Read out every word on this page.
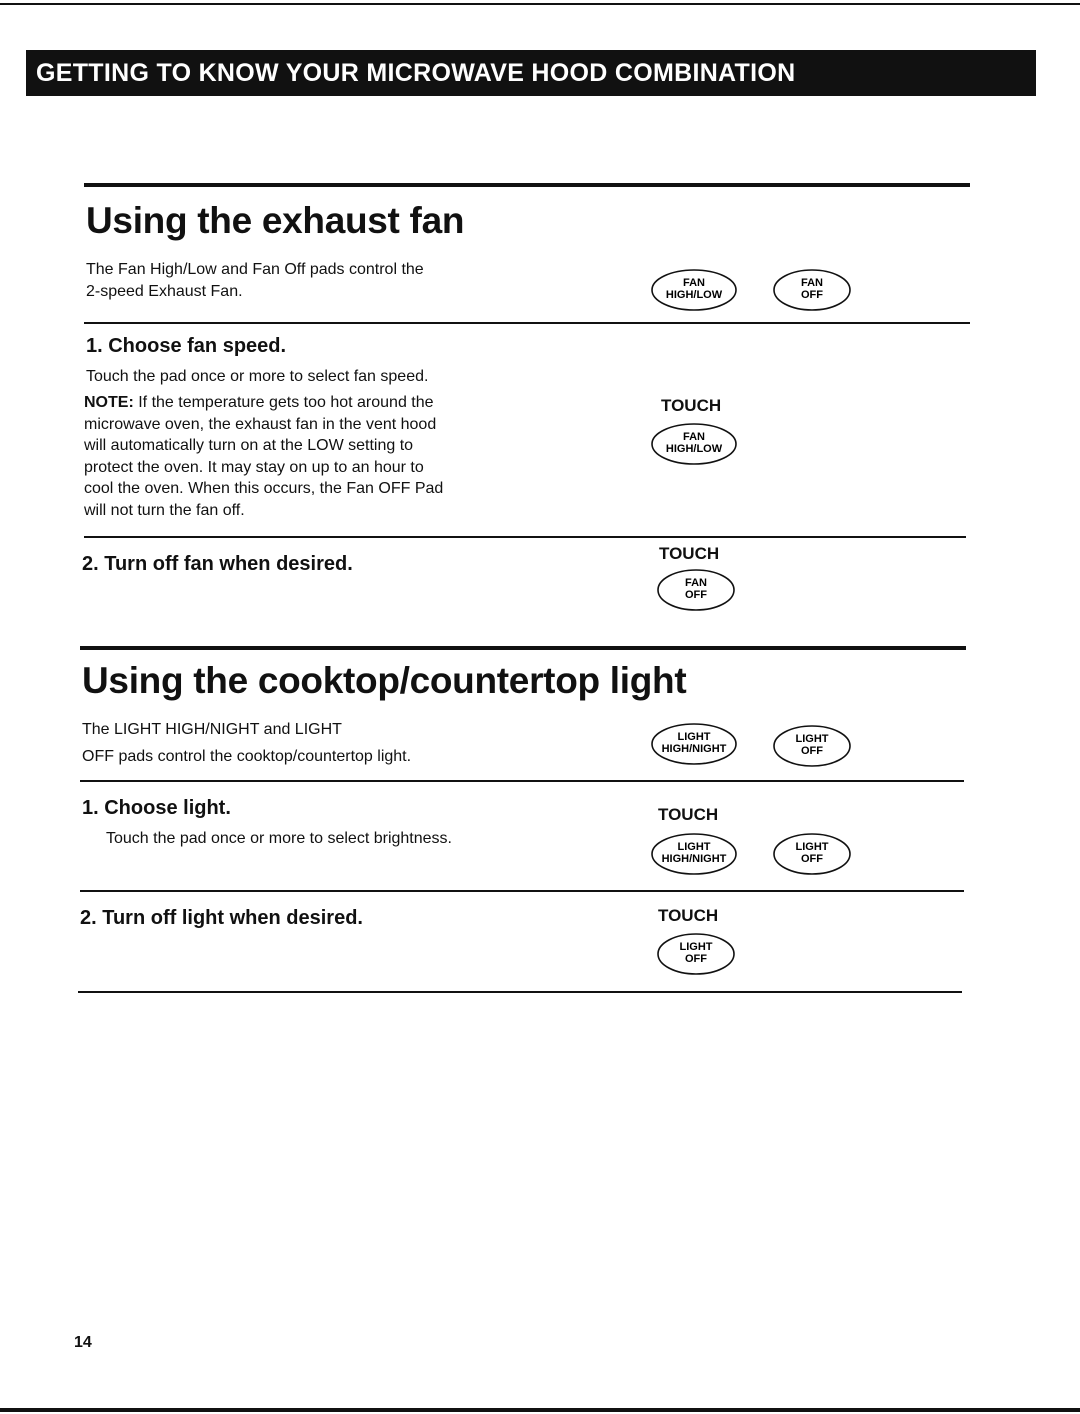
GETTING TO KNOW YOUR MICROWAVE HOOD COMBINATION
Using the exhaust fan
The Fan High/Low and Fan Off pads control the
2-speed Exhaust Fan.	FAN
HIGH/LOW
FAN
OFF
1. Choose fan speed.
Touch the pad once or more to select fan speed.
NOTE: If the temperature gets too hot around the
microwave oven, the exhaust fan in the vent hood
will automatically turn on at the LOW setting to
protect the oven. It may stay on up to an hour to
cool the oven. When this occurs, the Fan OFF Pad
will not turn the fan off.
TOUCH
FAN
HIGH/LOW
2. Turn off fan when desired.	TOUCH
FAN
OFF
Using the cooktop/countertop light
The LIGHT HIGH/NIGHT and LIGHT
OFF pads control the cooktop/countertop light.
LIGHT
HIGH/NIGHT
LIGHT
OFF
1. Choose light.
Touch the pad once or more to select brightness.
TOUCH
LIGHT
HIGH/NIGHT
LIGHT
OFF
2. Turn off light when desired.	TOUCH
LIGHT
OFF
14
